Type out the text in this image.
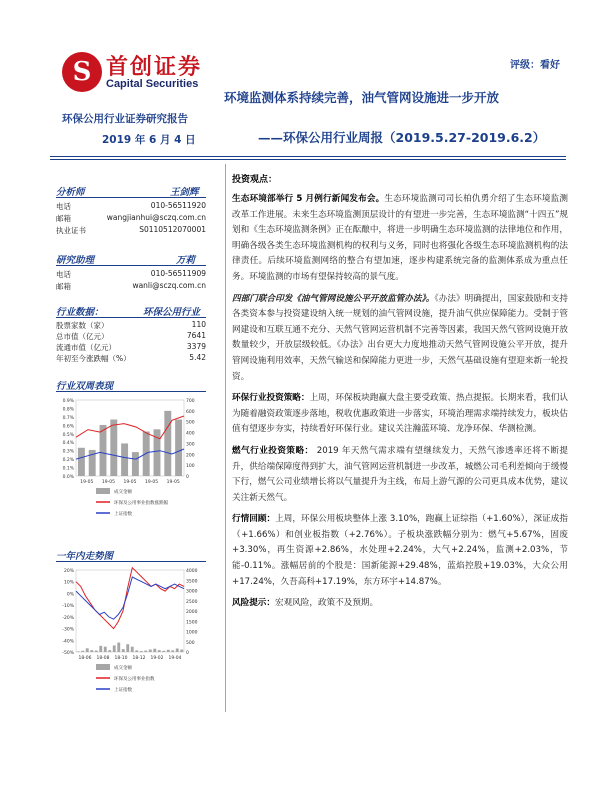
S 首创证券
Capital Securities
评级：看好
环境监测体系持续完善，油气管网设施进一步开放
环保公用行业证券研究报告
2019 年 6 月 4 日	——环保公用行业周报（2019.5.27-2019.6.2）
分析师	王剑辉
电话	010-56511920
邮箱	wangjianhui@sczq.com.cn
执业证书	S0110512070001
研究助理	万莉
电话	010-56511909
邮箱	wanli@sczq.com.cn
行业数据：	环保公用行业
股票家数（家）	110
总市值（亿元）	7641
流通市值（亿元）	3379
年初至今涨跌幅（%）	5.42
行业双周表现
0.0%
0.1%
0.2%
0.3%
0.4%
0.5%
0.6%
0.7%
0.8%
0.9%
0
100
200
300
400
500
600
700
19-05 19-05 19-05 19-05 19-05
成交金额
环保及公用事业指数涨跌幅
上证指数
一年内走势图
-50%
-40%
-30%
-20%
-10%
0%
10%
20%
0
500
1000
1500
2000
2500
3000
3500
4000
18-06 18-08 18-10 18-12 19-02 19-04
成交金额
环保及公用事业指数
上证指数
投资观点：

生态环境部举行 5 月例行新闻发布会。生态环境监测司司长柏仇勇介绍了生态环境监测改革工作进展。未来生态环境监测顶层设计的有望进一步完善，生态环境监测“十四五”规划和《生态环境监测条例》正在酝酿中，将进一步明确生态环境监测的法律地位和作用，明确各级各类生态环境监测机构的权利与义务，同时也将强化各级生态环境监测机构的法律责任。后续环境监测网络的整合有望加速，逐步构建系统完备的监测体系成为重点任务。环境监测的市场有望保持较高的景气度。

四部门联合印发《油气管网设施公平开放监管办法》。《办法》明确提出，国家鼓励和支持各类资本参与投资建设纳入统一规划的油气管网设施，提升油气供应保障能力。受制于管网建设和互联互通不充分、天然气管网运营机制不完善等因素，我国天然气管网设施开放数量较少，开放层级较低。《办法》出台更大力度地推动天然气管网设施公平开放，提升管网设施利用效率，天然气输送和保障能力更进一步，天然气基础设施有望迎来新一轮投资。

环保行业投资策略：上周，环保板块跑赢大盘主要受政策、热点提振。长期来看，我们认为随着融资政策逐步落地，税收优惠政策进一步落实，环境治理需求端持续发力，板块估值有望逐步夯实，持续看好环保行业。建议关注瀚蓝环境、龙净环保、华测检测。

燃气行业投资策略： 2019 年天然气需求端有望继续发力，天然气渗透率还将不断提升，供给端保障度得到扩大，油气管网运营机制进一步改革，城燃公司毛利差倾向于缓慢下行，燃气公司业绩增长将以气量提升为主线，布局上游气源的公司更具成本优势，建议关注新天然气。

行情回顾：上周，环保公用板块整体上涨 3.10%，跑赢上证综指（+1.60%），深证成指（+1.66%）和创业板指数（+2.76%）。子板块涨跌幅分别为：燃气+5.67%，固废+3.30%，再生资源+2.86%，水处理+2.24%，大气+2.24%，监测+2.03%，节能-0.11%。涨幅居前的个股是：国新能源+29.48%，蓝焰控股+19.03%，大众公用+17.24%，久吾高科+17.19%，东方环宇+14.87%。

风险提示：宏观风险，政策不及预期。
